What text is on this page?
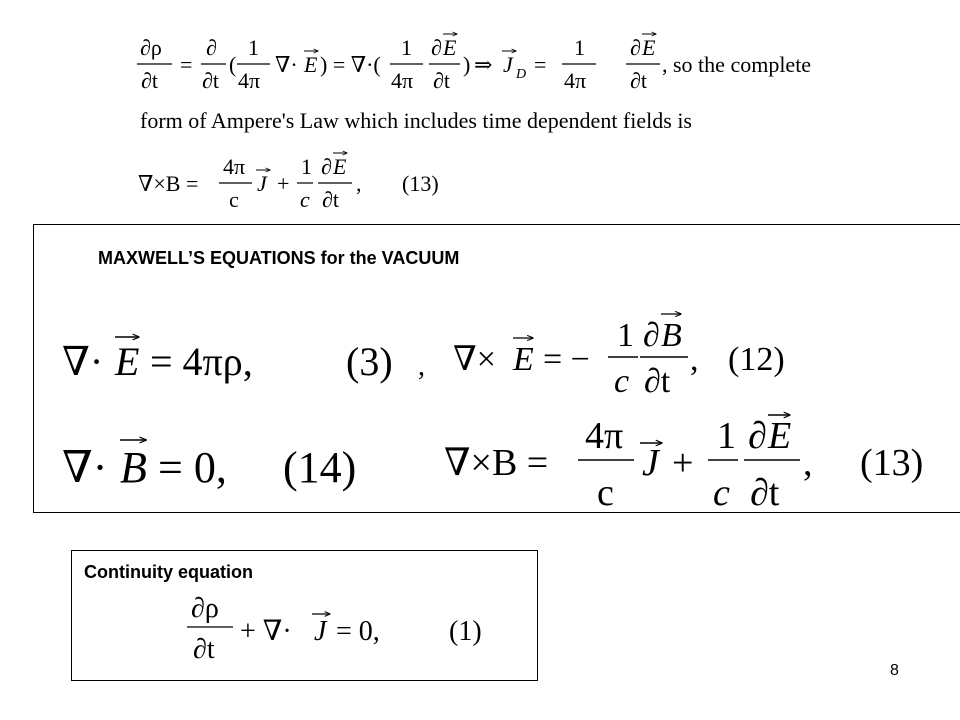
MAXWELL’S EQUATIONS for the VACUUM
Continuity equation
8
∂ρ
∂t
=
∂
∂t
(
1
4π
∇· E ) = ∇·(
1
4π
∂ E
∂t
) ⇒ J D =
1
4π
∂ E
∂t
, so the complete
form of Ampere's Law which includes time dependent fields is
∇×B =
4π
c
J +
1
c
∂ E
∂t
, (13)
∇· E = 4πρ, (3) , ∇× E = −
1
c
∂ B
∂t
, (12)
∇· B = 0, (14) ∇×B =
4π
c
J +
1
c
∂ E
∂t
, (13)
∂ρ
∂t
+ ∇· J = 0, (1)
